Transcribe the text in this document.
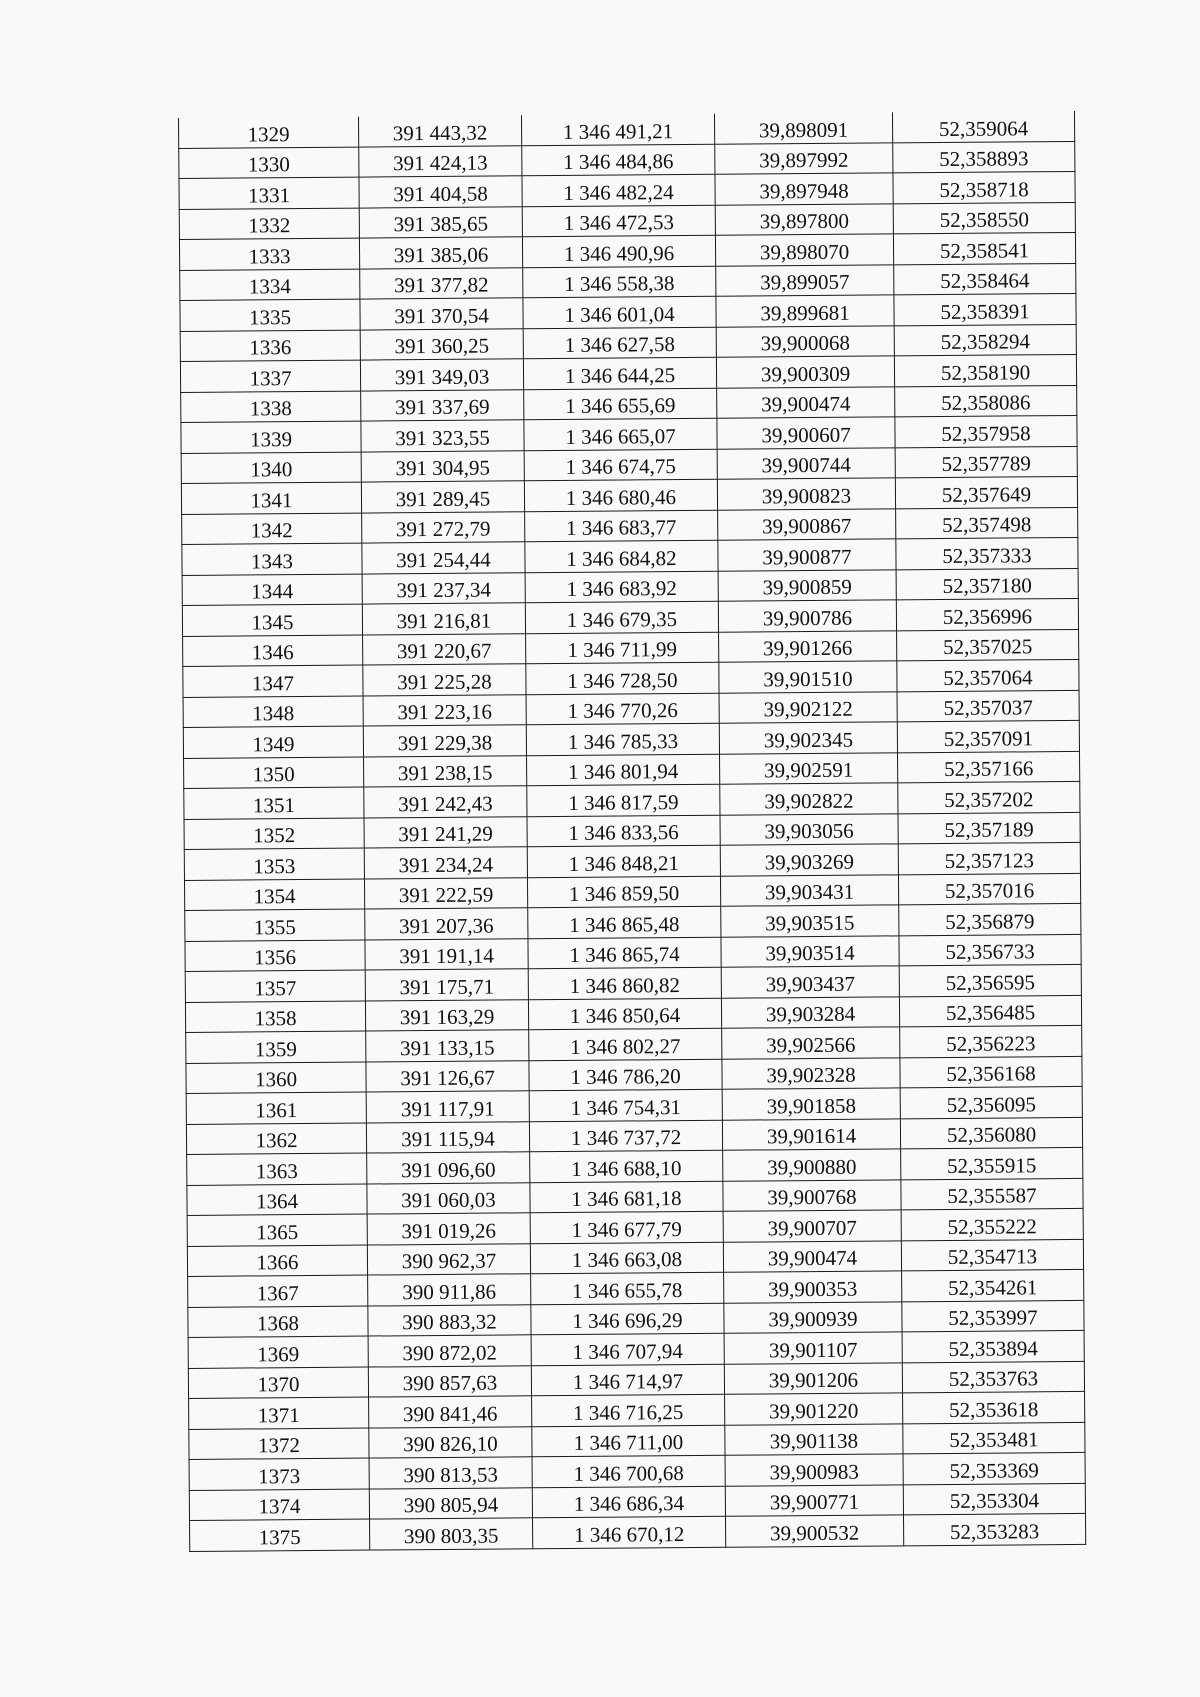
1329	391 443,32	1 346 491,21	39,898091	52,359064
1330	391 424,13	1 346 484,86	39,897992	52,358893
1331	391 404,58	1 346 482,24	39,897948	52,358718
1332	391 385,65	1 346 472,53	39,897800	52,358550
1333	391 385,06	1 346 490,96	39,898070	52,358541
1334	391 377,82	1 346 558,38	39,899057	52,358464
1335	391 370,54	1 346 601,04	39,899681	52,358391
1336	391 360,25	1 346 627,58	39,900068	52,358294
1337	391 349,03	1 346 644,25	39,900309	52,358190
1338	391 337,69	1 346 655,69	39,900474	52,358086
1339	391 323,55	1 346 665,07	39,900607	52,357958
1340	391 304,95	1 346 674,75	39,900744	52,357789
1341	391 289,45	1 346 680,46	39,900823	52,357649
1342	391 272,79	1 346 683,77	39,900867	52,357498
1343	391 254,44	1 346 684,82	39,900877	52,357333
1344	391 237,34	1 346 683,92	39,900859	52,357180
1345	391 216,81	1 346 679,35	39,900786	52,356996
1346	391 220,67	1 346 711,99	39,901266	52,357025
1347	391 225,28	1 346 728,50	39,901510	52,357064
1348	391 223,16	1 346 770,26	39,902122	52,357037
1349	391 229,38	1 346 785,33	39,902345	52,357091
1350	391 238,15	1 346 801,94	39,902591	52,357166
1351	391 242,43	1 346 817,59	39,902822	52,357202
1352	391 241,29	1 346 833,56	39,903056	52,357189
1353	391 234,24	1 346 848,21	39,903269	52,357123
1354	391 222,59	1 346 859,50	39,903431	52,357016
1355	391 207,36	1 346 865,48	39,903515	52,356879
1356	391 191,14	1 346 865,74	39,903514	52,356733
1357	391 175,71	1 346 860,82	39,903437	52,356595
1358	391 163,29	1 346 850,64	39,903284	52,356485
1359	391 133,15	1 346 802,27	39,902566	52,356223
1360	391 126,67	1 346 786,20	39,902328	52,356168
1361	391 117,91	1 346 754,31	39,901858	52,356095
1362	391 115,94	1 346 737,72	39,901614	52,356080
1363	391 096,60	1 346 688,10	39,900880	52,355915
1364	391 060,03	1 346 681,18	39,900768	52,355587
1365	391 019,26	1 346 677,79	39,900707	52,355222
1366	390 962,37	1 346 663,08	39,900474	52,354713
1367	390 911,86	1 346 655,78	39,900353	52,354261
1368	390 883,32	1 346 696,29	39,900939	52,353997
1369	390 872,02	1 346 707,94	39,901107	52,353894
1370	390 857,63	1 346 714,97	39,901206	52,353763
1371	390 841,46	1 346 716,25	39,901220	52,353618
1372	390 826,10	1 346 711,00	39,901138	52,353481
1373	390 813,53	1 346 700,68	39,900983	52,353369
1374	390 805,94	1 346 686,34	39,900771	52,353304
1375	390 803,35	1 346 670,12	39,900532	52,353283
